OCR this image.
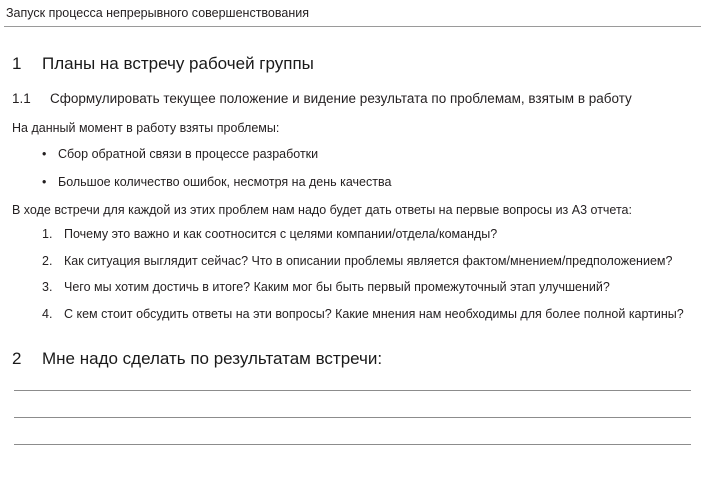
Запуск процесса непрерывного совершенствования
1 Планы на встречу рабочей группы
1.1	Сформулировать текущее положение и видение результата по проблемам, взятым в работу

На данный момент в работу взяты проблемы:

• Сбор обратной связи в процессе разработки
• Большое количество ошибок, несмотря на день качества

В ходе встречи для каждой из этих проблем нам надо будет дать ответы на первые вопросы из A3 отчета:

1. Почему это важно и как соотносится с целями компании/отдела/команды?
2. Как ситуация выглядит сейчас? Что в описании проблемы является фактом/мнением/предположением?
3. Чего мы хотим достичь в итоге? Каким мог бы быть первый промежуточный этап улучшений?
4. С кем стоит обсудить ответы на эти вопросы? Какие мнения нам необходимы для более полной картины?
2 Мне надо сделать по результатам встречи:
